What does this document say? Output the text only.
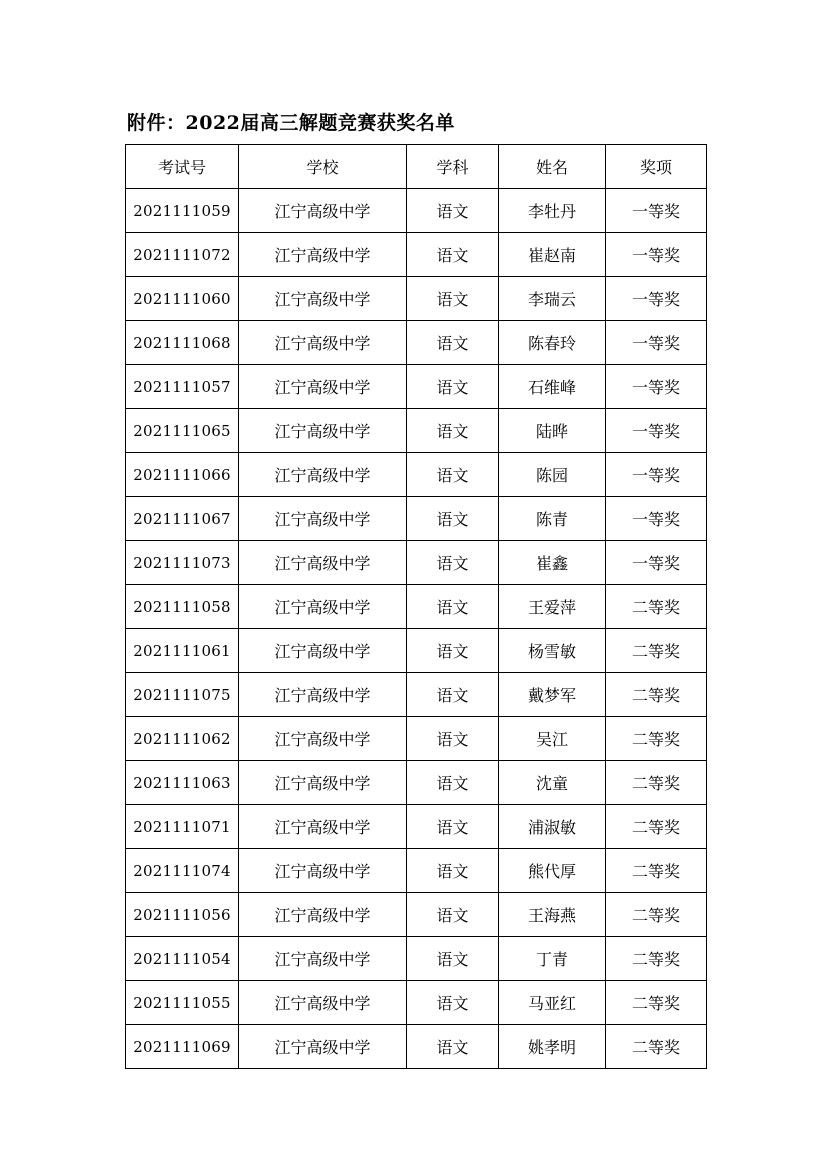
附件：2022届高三解题竞赛获奖名单
考试号	学校	学科	姓名	奖项
2021111059	江宁高级中学	语文	李牡丹	一等奖
2021111072	江宁高级中学	语文	崔赵南	一等奖
2021111060	江宁高级中学	语文	李瑞云	一等奖
2021111068	江宁高级中学	语文	陈春玲	一等奖
2021111057	江宁高级中学	语文	石维峰	一等奖
2021111065	江宁高级中学	语文	陆晔	一等奖
2021111066	江宁高级中学	语文	陈园	一等奖
2021111067	江宁高级中学	语文	陈青	一等奖
2021111073	江宁高级中学	语文	崔鑫	一等奖
2021111058	江宁高级中学	语文	王爱萍	二等奖
2021111061	江宁高级中学	语文	杨雪敏	二等奖
2021111075	江宁高级中学	语文	戴梦军	二等奖
2021111062	江宁高级中学	语文	吴江	二等奖
2021111063	江宁高级中学	语文	沈童	二等奖
2021111071	江宁高级中学	语文	浦淑敏	二等奖
2021111074	江宁高级中学	语文	熊代厚	二等奖
2021111056	江宁高级中学	语文	王海燕	二等奖
2021111054	江宁高级中学	语文	丁青	二等奖
2021111055	江宁高级中学	语文	马亚红	二等奖
2021111069	江宁高级中学	语文	姚孝明	二等奖
